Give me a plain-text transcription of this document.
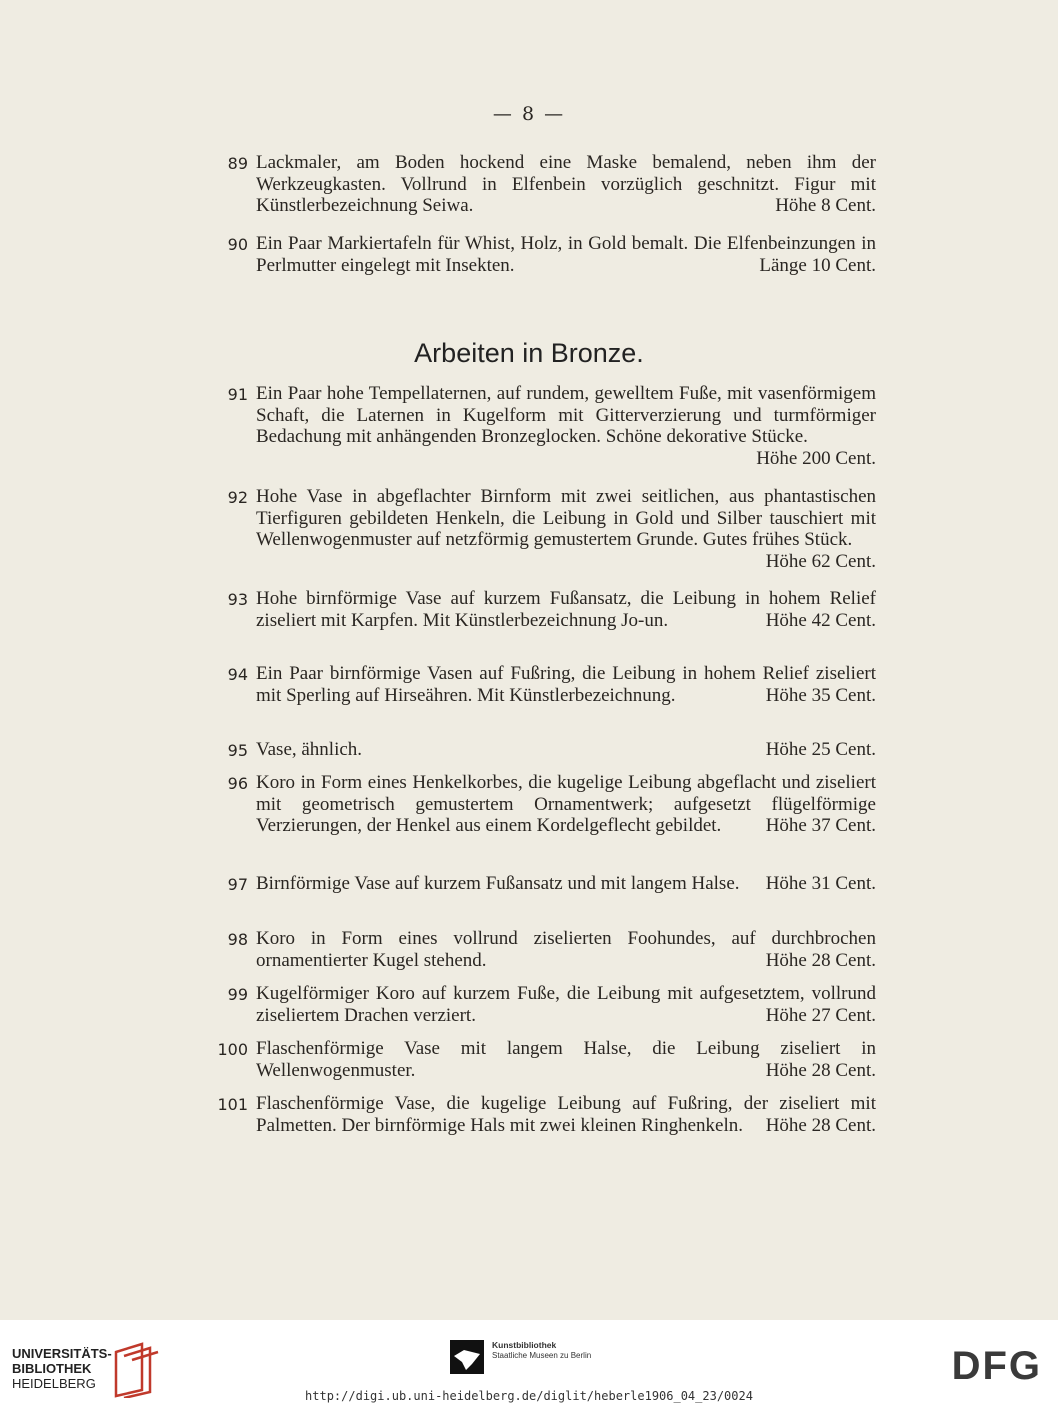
— 8 —
89 Lackmaler, am Boden hockend eine Maske bemalend, neben ihm der Werkzeugkasten. Vollrund in Elfenbein vorzüglich geschnitzt. Figur mit Künstlerbezeichnung Seiwa.	Höhe 8 Cent.
90 Ein Paar Markiertafeln für Whist, Holz, in Gold bemalt. Die Elfenbeinzungen in Perlmutter eingelegt mit Insekten.	Länge 10 Cent.
Arbeiten in Bronze.
91 Ein Paar hohe Tempellaternen, auf rundem, gewelltem Fuße, mit vasenförmigem Schaft, die Laternen in Kugelform mit Gitterverzierung und turmförmiger Bedachung mit anhängenden Bronzeglocken. Schöne dekorative Stücke.
Höhe 200 Cent.
92 Hohe Vase in abgeflachter Birnform mit zwei seitlichen, aus phantastischen Tierfiguren gebildeten Henkeln, die Leibung in Gold und Silber tauschiert mit Wellenwogenmuster auf netzförmig gemustertem Grunde. Gutes frühes Stück.
Höhe 62 Cent.
93 Hohe birnförmige Vase auf kurzem Fußansatz, die Leibung in hohem Relief ziseliert mit Karpfen. Mit Künstlerbezeichnung Jo-un.	Höhe 42 Cent.
94 Ein Paar birnförmige Vasen auf Fußring, die Leibung in hohem Relief ziseliert mit Sperling auf Hirseähren. Mit Künstlerbezeichnung.	Höhe 35 Cent.
95 Vase, ähnlich.	Höhe 25 Cent.
96 Koro in Form eines Henkelkorbes, die kugelige Leibung abgeflacht und ziseliert mit geometrisch gemustertem Ornamentwerk; aufgesetzt flügelförmige Verzierungen, der Henkel aus einem Kordelgeflecht gebildet.	Höhe 37 Cent.
97 Birnförmige Vase auf kurzem Fußansatz und mit langem Halse.	Höhe 31 Cent.
98 Koro in Form eines vollrund ziselierten Foohundes, auf durchbrochen ornamentierter Kugel stehend.	Höhe 28 Cent.
99 Kugelförmiger Koro auf kurzem Fuße, die Leibung mit aufgesetztem, vollrund ziseliertem Drachen verziert.	Höhe 27 Cent.
100 Flaschenförmige Vase mit langem Halse, die Leibung ziseliert in Wellenwogenmuster.	Höhe 28 Cent.
101 Flaschenförmige Vase, die kugelige Leibung auf Fußring, der ziseliert mit Palmetten. Der birnförmige Hals mit zwei kleinen Ringhenkeln.	Höhe 28 Cent.
UNIVERSITÄTS-
BIBLIOTHEK
HEIDELBERG
Kunstbibliothek
Staatliche Museen zu Berlin	DFG
http://digi.ub.uni-heidelberg.de/diglit/heberle1906_04_23/0024
